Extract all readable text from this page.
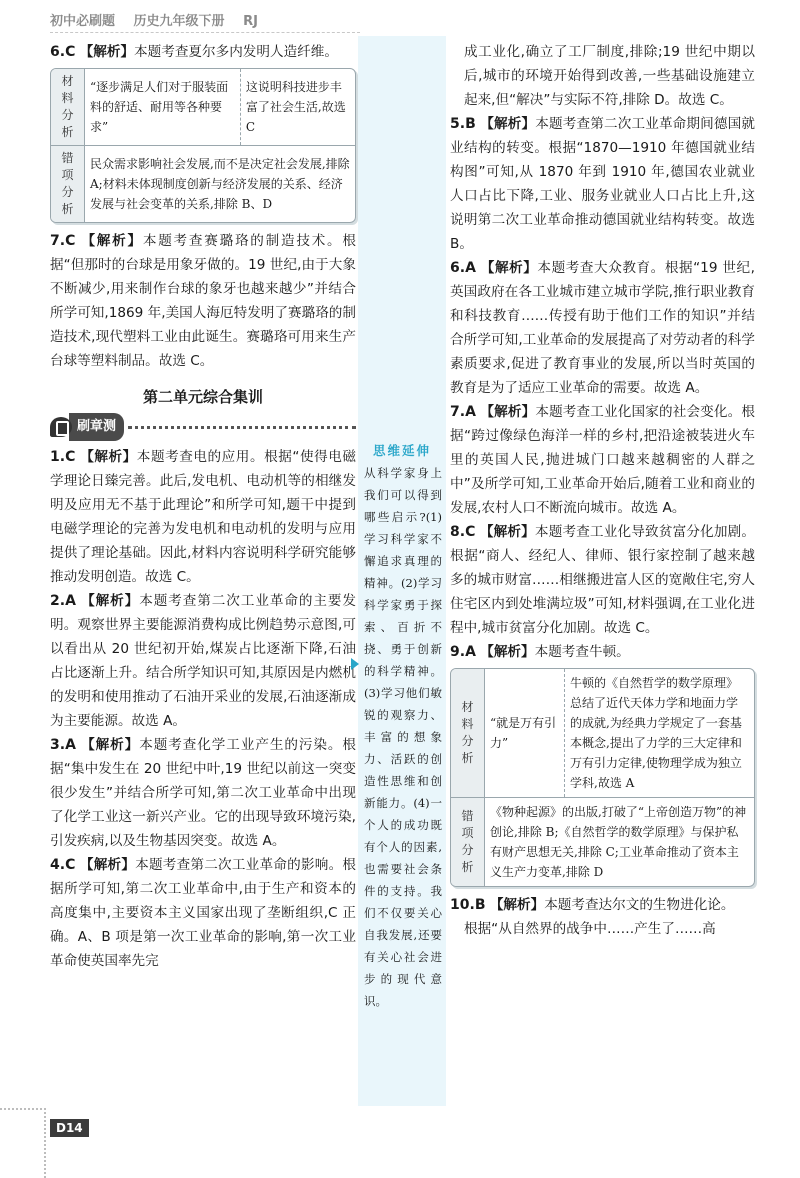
初中必刷题 历史九年级下册 RJ

6.C 【解析】本题考查夏尔多内发明人造纤维。

材料分析	“逐步满足人们对于服装面料的舒适、耐用等各种要求”	这说明科技进步丰富了社会生活,故选 C
错项分析	民众需求影响社会发展,而不是决定社会发展,排除 A;材料未体现制度创新与经济发展的关系、经济发展与社会变革的关系,排除 B、D	

7.C 【解析】本题考查赛璐珞的制造技术。根据“但那时的台球是用象牙做的。19 世纪,由于大象不断减少,用来制作台球的象牙也越来越少”并结合所学可知,1869 年,美国人海厄特发明了赛璐珞的制造技术,现代塑料工业由此诞生。赛璐珞可用来生产台球等塑料制品。故选 C。

第二单元综合集训
刷章测

1.C 【解析】本题考查电的应用。根据“使得电磁学理论日臻完善。此后,发电机、电动机等的相继发明及应用无不基于此理论”和所学可知,题干中提到电磁学理论的完善为发电机和电动机的发明与应用提供了理论基础。因此,材料内容说明科学研究能够推动发明创造。故选 C。

2.A 【解析】本题考查第二次工业革命的主要发明。观察世界主要能源消费构成比例趋势示意图,可以看出从 20 世纪初开始,煤炭占比逐渐下降,石油占比逐渐上升。结合所学知识可知,其原因是内燃机的发明和使用推动了石油开采业的发展,石油逐渐成为主要能源。故选 A。

3.A 【解析】本题考查化学工业产生的污染。根据“集中发生在 20 世纪中叶,19 世纪以前这一突变很少发生”并结合所学可知,第二次工业革命中出现了化学工业这一新兴产业。它的出现导致环境污染,引发疾病,以及生物基因突变。故选 A。

4.C 【解析】本题考查第二次工业革命的影响。根据所学可知,第二次工业革命中,由于生产和资本的高度集中,主要资本主义国家出现了垄断组织,C 正确。A、B 项是第一次工业革命的影响,第一次工业革命使英国率先完

思维延伸
从科学家身上我们可以得到哪些启示?(1)学习科学家不懈追求真理的精神。(2)学习科学家勇于探索、百折不挠、勇于创新的科学精神。(3)学习他们敏锐的观察力、丰富的想象力、活跃的创造性思维和创新能力。(4)一个人的成功既有个人的因素,也需要社会条件的支持。我们不仅要关心自我发展,还要有关心社会进步的现代意识。

成工业化,确立了工厂制度,排除;19 世纪中期以后,城市的环境开始得到改善,一些基础设施建立起来,但“解决”与实际不符,排除 D。故选 C。

5.B 【解析】本题考查第二次工业革命期间德国就业结构的转变。根据“1870—1910 年德国就业结构图”可知,从 1870 年到 1910 年,德国农业就业人口占比下降,工业、服务业就业人口占比上升,这说明第二次工业革命推动德国就业结构转变。故选 B。

6.A 【解析】本题考查大众教育。根据“19 世纪,英国政府在各工业城市建立城市学院,推行职业教育和科技教育……传授有助于他们工作的知识”并结合所学可知,工业革命的发展提高了对劳动者的科学素质要求,促进了教育事业的发展,所以当时英国的教育是为了适应工业革命的需要。故选 A。

7.A 【解析】本题考查工业化国家的社会变化。根据“跨过像绿色海洋一样的乡村,把沿途被装进火车里的英国人民,抛进城门口越来越稠密的人群之中”及所学可知,工业革命开始后,随着工业和商业的发展,农村人口不断流向城市。故选 A。

8.C 【解析】本题考查工业化导致贫富分化加剧。根据“商人、经纪人、律师、银行家控制了越来越多的城市财富……相继搬进富人区的宽敞住宅,穷人住宅区内到处堆满垃圾”可知,材料强调,在工业化进程中,城市贫富分化加剧。故选 C。

9.A 【解析】本题考查牛顿。

材料分析	“就是万有引力”	牛顿的《自然哲学的数学原理》总结了近代天体力学和地面力学的成就,为经典力学规定了一套基本概念,提出了力学的三大定律和万有引力定律,使物理学成为独立学科,故选 A
错项分析	《物种起源》的出版,打破了“上帝创造万物”的神创论,排除 B;《自然哲学的数学原理》与保护私有财产思想无关,排除 C;工业革命推动了资本主义生产力变革,排除 D	

10.B 【解析】本题考查达尔文的生物进化论。

根据“从自然界的战争中……产生了……高

D14
